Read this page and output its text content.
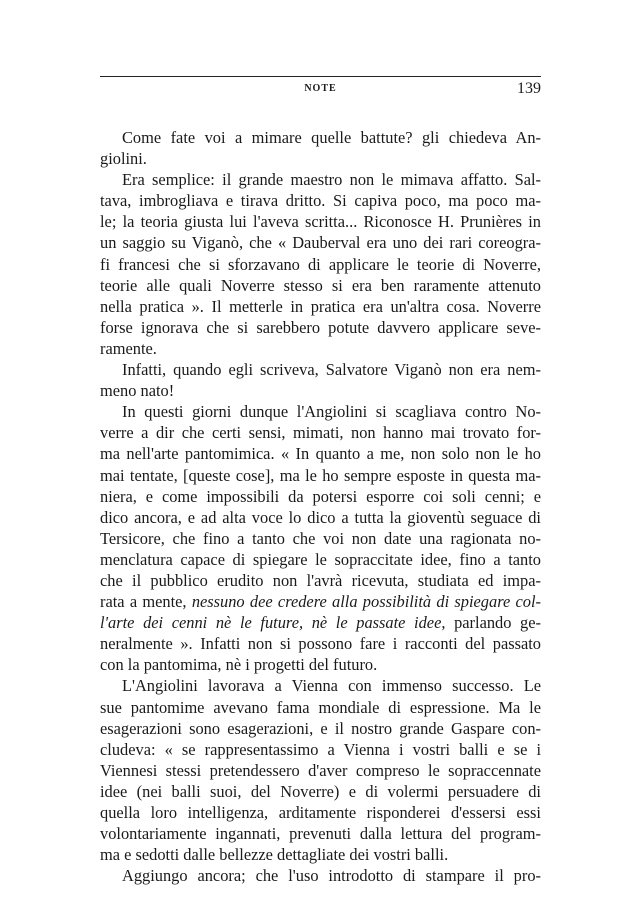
NOTE	139
Come fate voi a mimare quelle battute? gli chiedeva An-
giolini.
Era semplice: il grande maestro non le mimava affatto. Sal-
tava, imbrogliava e tirava dritto. Si capiva poco, ma poco ma-
le; la teoria giusta lui l'aveva scritta... Riconosce H. Prunières in
un saggio su Viganò, che « Dauberval era uno dei rari coreogra-
fi francesi che si sforzavano di applicare le teorie di Noverre,
teorie alle quali Noverre stesso si era ben raramente attenuto
nella pratica ». Il metterle in pratica era un'altra cosa. Noverre
forse ignorava che si sarebbero potute davvero applicare seve-
ramente.
Infatti, quando egli scriveva, Salvatore Viganò non era nem-
meno nato!
In questi giorni dunque l'Angiolini si scagliava contro No-
verre a dir che certi sensi, mimati, non hanno mai trovato for-
ma nell'arte pantomimica. « In quanto a me, non solo non le ho
mai tentate, [queste cose], ma le ho sempre esposte in questa ma-
niera, e come impossibili da potersi esporre coi soli cenni; e
dico ancora, e ad alta voce lo dico a tutta la gioventù seguace di
Tersicore, che fino a tanto che voi non date una ragionata no-
menclatura capace di spiegare le sopraccitate idee, fino a tanto
che il pubblico erudito non l'avrà ricevuta, studiata ed impa-
rata a mente, nessuno dee credere alla possibilità di spiegare col-
l'arte dei cenni nè le future, nè le passate idee, parlando ge-
neralmente ». Infatti non si possono fare i racconti del passato
con la pantomima, nè i progetti del futuro.
L'Angiolini lavorava a Vienna con immenso successo. Le
sue pantomime avevano fama mondiale di espressione. Ma le
esagerazioni sono esagerazioni, e il nostro grande Gaspare con-
cludeva: « se rappresentassimo a Vienna i vostri balli e se i
Viennesi stessi pretendessero d'aver compreso le sopraccennate
idee (nei balli suoi, del Noverre) e di volermi persuadere di
quella loro intelligenza, arditamente risponderei d'essersi essi
volontariamente ingannati, prevenuti dalla lettura del program-
ma e sedotti dalle bellezze dettagliate dei vostri balli.
Aggiungo ancora; che l'uso introdotto di stampare il pro-
